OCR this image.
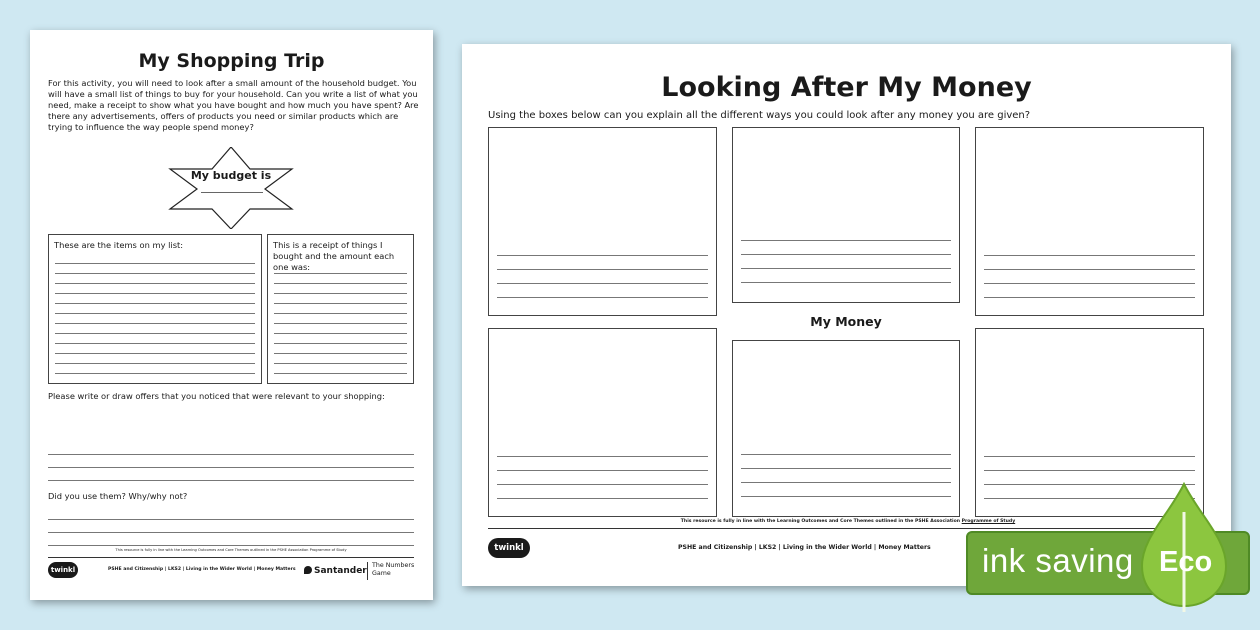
My Shopping Trip
For this activity, you will need to look after a small amount of the household budget. You will have a small list of things to buy for your household. Can you write a list of what you need, make a receipt to show what you have bought and how much you have spent? Are there any advertisements, offers of products you need or similar products which are trying to influence the way people spend money?
My budget is
These are the items on my list:	This is a receipt of things I bought and the amount each one was:
Please write or draw offers that you noticed that were relevant to your shopping:
Did you use them? Why/why not?
This resource is fully in line with the Learning Outcomes and Core Themes outlined in the PSHE Association Programme of Study
twinkl	PSHE and Citizenship | LKS2 | Living in the Wider World | Money Matters	Santander
The Numbers Game
Looking After My Money
Using the boxes below can you explain all the different ways you could look after any money you are given?
My Money
This resource is fully in line with the Learning Outcomes and Core Themes outlined in the PSHE Association Programme of Study
twinkl	PSHE and Citizenship | LKS2 | Living in the Wider World | Money Matters ink saving Eco
